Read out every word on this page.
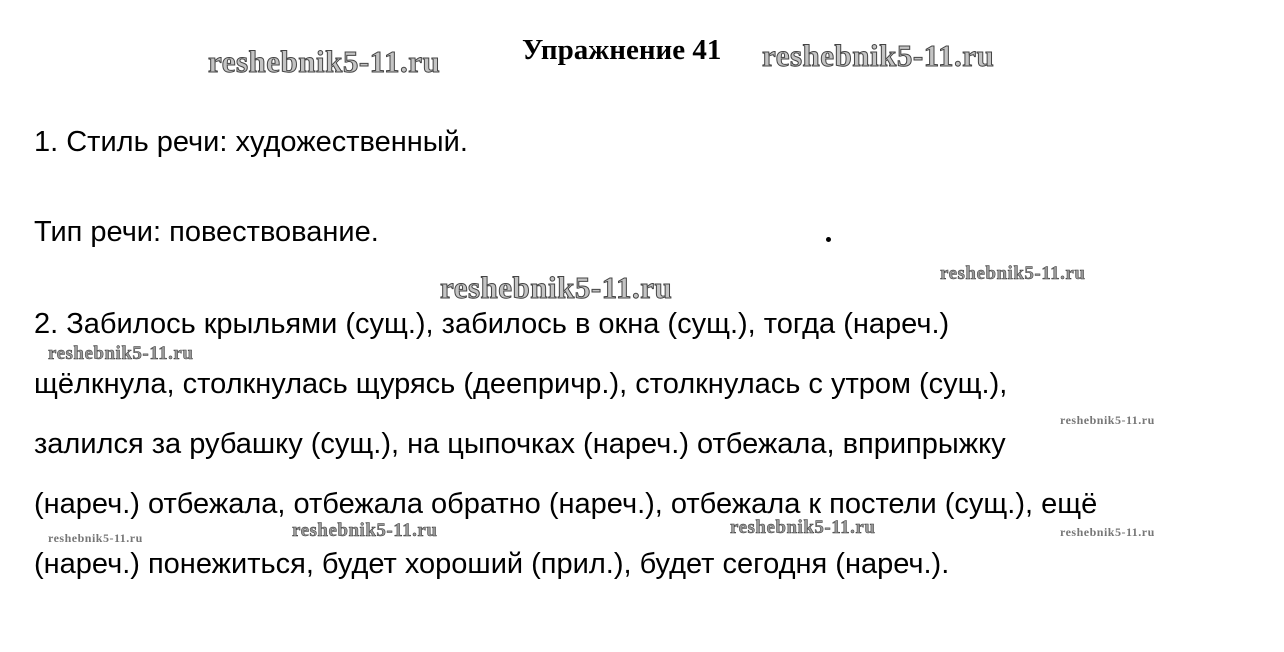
Упражнение 41
reshebnik5-11.ru	reshebnik5-11.ru
1. Стиль речи: художественный.
Тип речи: повествование.
reshebnik5-11.ru	reshebnik5-11.ru
2. Забилось крыльями (сущ.), забилось в окна (сущ.), тогда (нареч.)
reshebnik5-11.ru
щёлкнула, столкнулась щурясь (деепричр.), столкнулась с утром (сущ.),
reshebnik5-11.ru
залился за рубашку (сущ.), на цыпочках (нареч.) отбежала, вприпрыжку
(нареч.) отбежала, отбежала обратно (нареч.), отбежала к постели (сущ.), ещё
reshebnik5-11.ru	reshebnik5-11.ru	reshebnik5-11.ru	reshebnik5-11.ru
(нареч.) понежиться, будет хороший (прил.), будет сегодня (нареч.).
